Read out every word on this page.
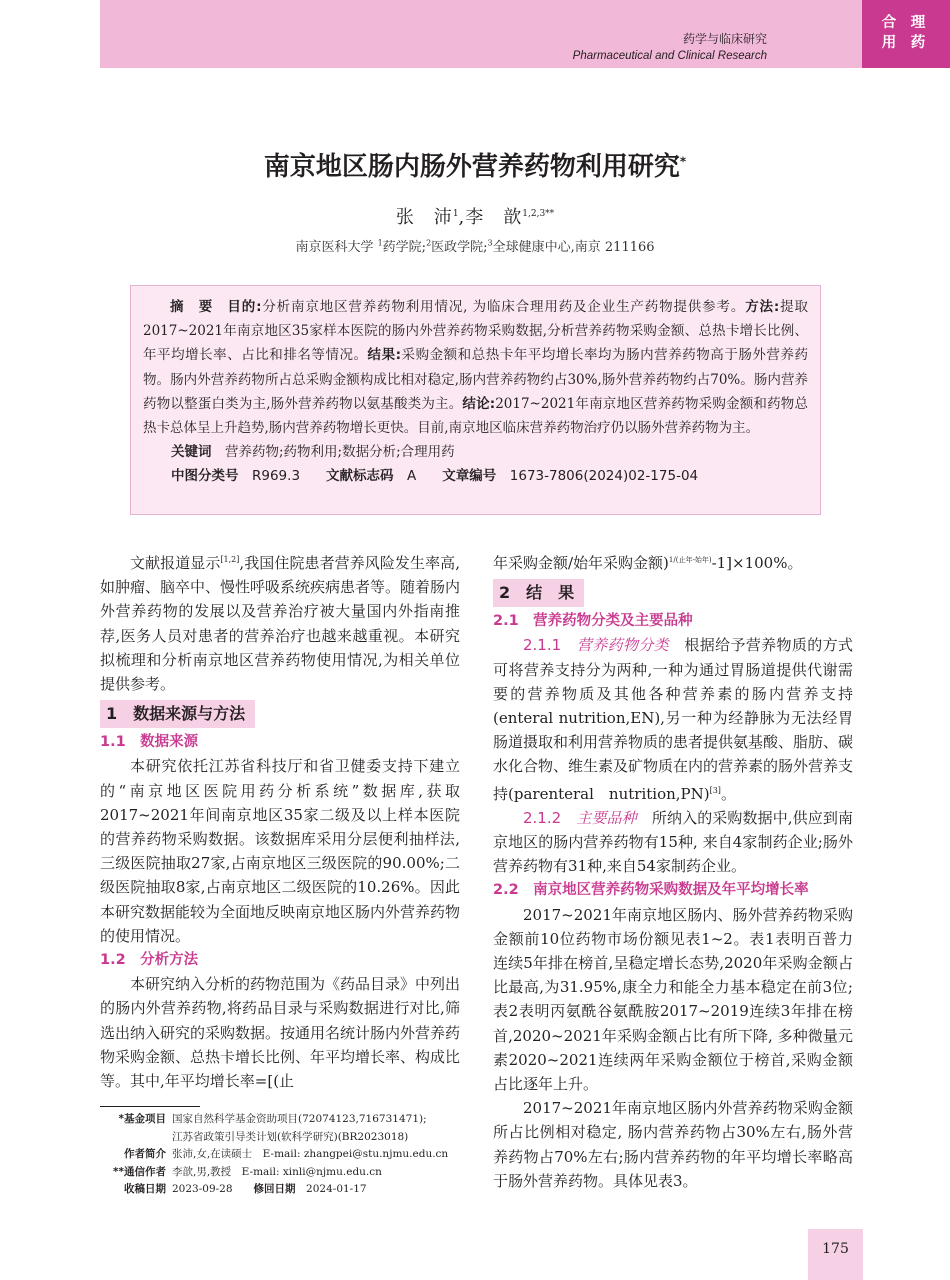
药学与临床研究
Pharmaceutical and Clinical Research
合 理
用 药
南京地区肠内肠外营养药物利用研究*
张　沛$^1$,李　歆$^{1,2,3**}$
南京医科大学 $^1$药学院;$^2$医政学院;$^3$全球健康中心,南京 211166

摘　要　目的:分析南京地区营养药物利用情况, 为临床合理用药及企业生产药物提供参考。方法:提取2017~2021年南京地区35家样本医院的肠内外营养药物采购数据,分析营养药物采购金额、总热卡增长比例、年平均增长率、占比和排名等情况。结果:采购金额和总热卡年平均增长率均为肠内营养药物高于肠外营养药物。肠内外营养药物所占总采购金额构成比相对稳定,肠内营养药物约占30%,肠外营养药物约占70%。肠内营养药物以整蛋白类为主,肠外营养药物以氨基酸类为主。结论:2017~2021年南京地区营养药物采购金额和药物总热卡总体呈上升趋势,肠内营养药物增长更快。目前,南京地区临床营养药物治疗仍以肠外营养药物为主。

关键词　 营养药物;药物利用;数据分析;合理用药
中图分类号　 R969.3 文献标志码　 A 文章编号　 1673-7806(2024)02-175-04

文献报道显示[1,2],我国住院患者营养风险发生率高,如肿瘤、脑卒中、慢性呼吸系统疾病患者等。随着肠内外营养药物的发展以及营养治疗被大量国内外指南推荐,医务人员对患者的营养治疗也越来越重视。本研究拟梳理和分析南京地区营养药物使用情况,为相关单位提供参考。

1　数据来源与方法
1.1　数据来源

本研究依托江苏省科技厅和省卫健委支持下建立的“南京地区医院用药分析系统”数据库,获取2017~2021年间南京地区35家二级及以上样本医院的营养药物采购数据。该数据库采用分层便利抽样法,三级医院抽取27家,占南京地区三级医院的90.00%;二级医院抽取8家,占南京地区二级医院的10.26%。因此本研究数据能较为全面地反映南京地区肠内外营养药物的使用情况。

1.2　分析方法

本研究纳入分析的药物范围为《药品目录》中列出的肠内外营养药物,将药品目录与采购数据进行对比,筛选出纳入研究的采购数据。按通用名统计肠内外营养药物采购金额、总热卡增长比例、年平均增长率、构成比等。其中,年平均增长率=[(止

年采购金额/始年采购金额)$^{1/(止年-始年)}$-1]×100%。

2　结　果
2.1　营养药物分类及主要品种

2.1.1　 营养药物分类　 根据给予营养物质的方式可将营养支持分为两种,一种为通过胃肠道提供代谢需要的营养物质及其他各种营养素的肠内营养支持(enteral nutrition,EN),另一种为经静脉为无法经胃肠道摄取和利用营养物质的患者提供氨基酸、脂肪、碳水化合物、维生素及矿物质在内的营养素的肠外营养支持(parenteral　nutrition,PN)[3]。

2.1.2　 主要品种　 所纳入的采购数据中,供应到南京地区的肠内营养药物有15种, 来自4家制药企业;肠外营养药物有31种,来自54家制药企业。

2.2　南京地区营养药物采购数据及年平均增长率

2017~2021年南京地区肠内、肠外营养药物采购金额前10位药物市场份额见表1~2。表1表明百普力连续5年排在榜首,呈稳定增长态势,2020年采购金额占比最高,为31.95%,康全力和能全力基本稳定在前3位; 表2表明丙氨酰谷氨酰胺2017~2019连续3年排在榜首,2020~2021年采购金额占比有所下降, 多种微量元素2020~2021连续两年采购金额位于榜首,采购金额占比逐年上升。

2017~2021年南京地区肠内外营养药物采购金额所占比例相对稳定, 肠内营养药物占30%左右,肠外营养药物占70%左右;肠内营养药物的年平均增长率略高于肠外营养药物。具体见表3。

*基金项目 国家自然科学基金资助项目(72074123,716731471);
江苏省政策引导类计划(软科学研究)(BR2023018)
作者简介 张沛,女,在读硕士　E-mail: zhangpei@stu.njmu.edu.cn
**通信作者 李歆,男,教授　E-mail: xinli@njmu.edu.cn
收稿日期 2023-09-28　　 修回日期　 2024-01-17
175
